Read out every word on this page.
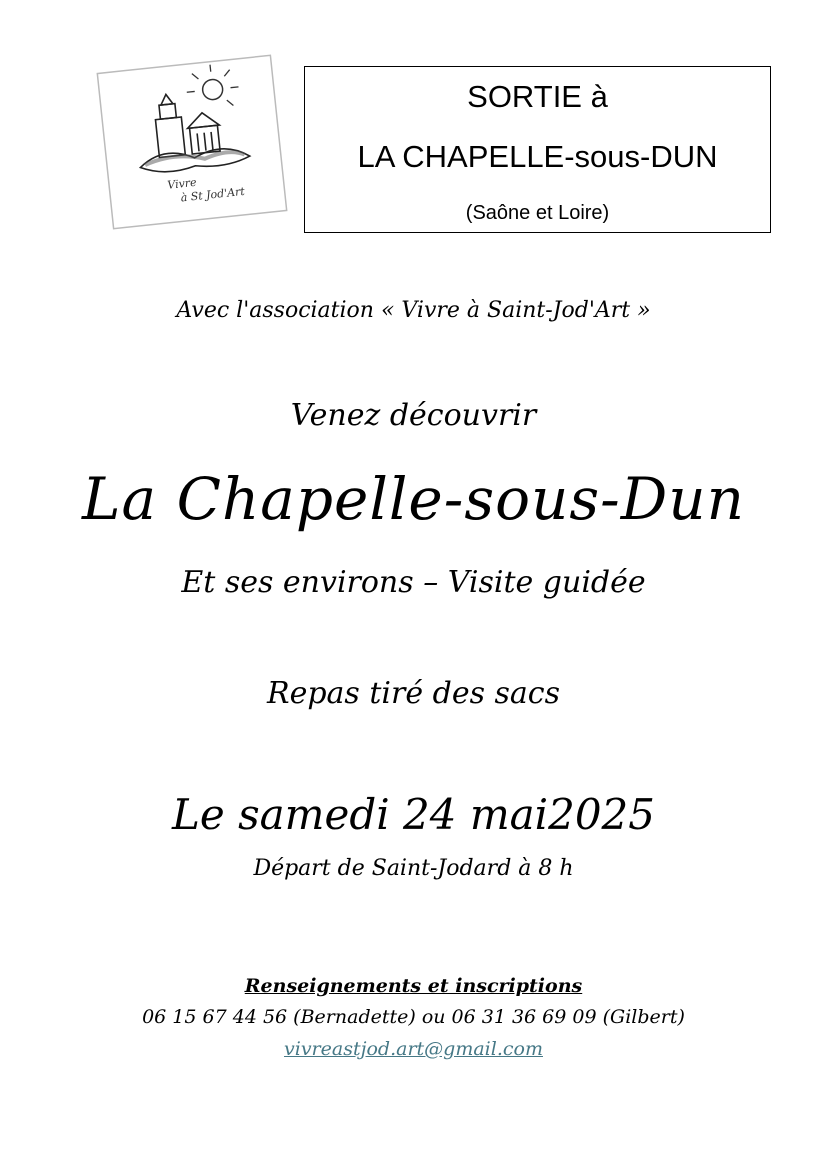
Vivre
à St Jod'Art
SORTIE à
LA CHAPELLE-sous-DUN
(Saône et Loire)
Avec l'association « Vivre à Saint-Jod'Art »
Venez découvrir
La Chapelle-sous-Dun
Et ses environs – Visite guidée
Repas tiré des sacs
Le samedi 24 mai2025
Départ de Saint-Jodard à 8 h
Renseignements et inscriptions
06 15 67 44 56 (Bernadette) ou 06 31 36 69 09 (Gilbert)
vivreastjod.art@gmail.com
